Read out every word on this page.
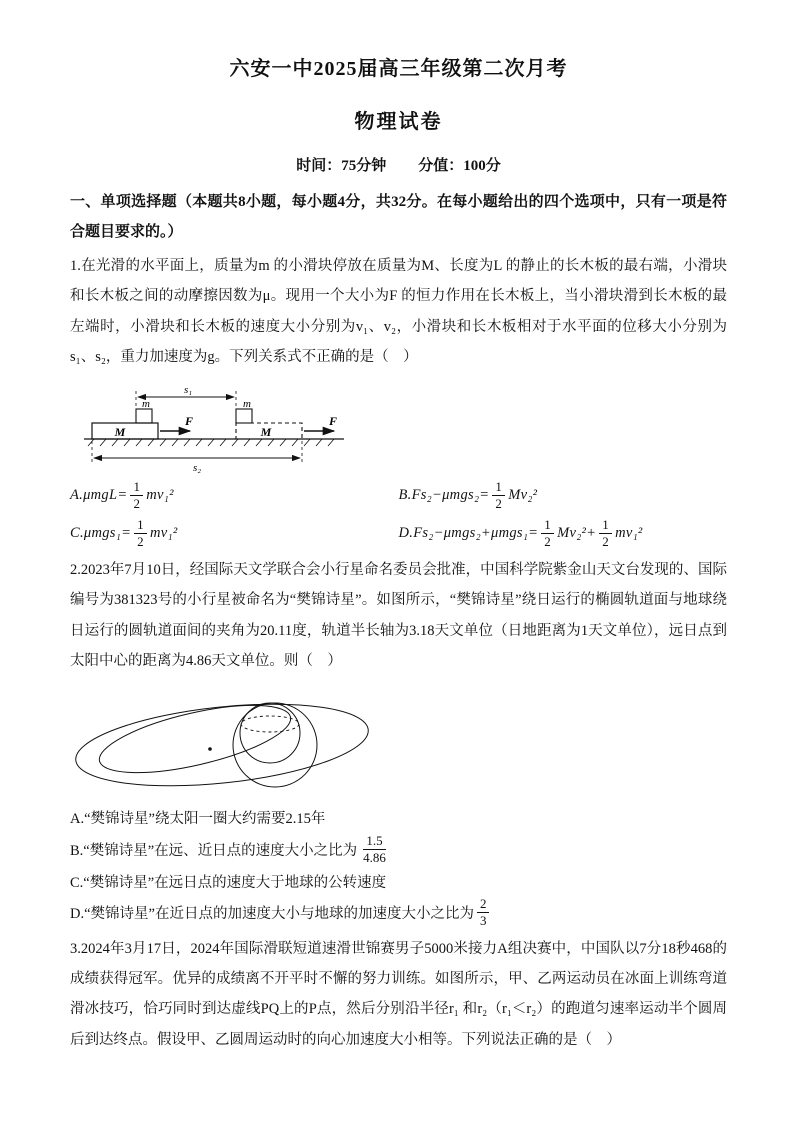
六安一中2025届高三年级第二次月考
物理试卷
时间：75分钟 分值：100分

一、单项选择题（本题共8小题，每小题4分，共32分。在每小题给出的四个选项中，只有一项是符合题目要求的。）

1.在光滑的水平面上，质量为m 的小滑块停放在质量为M、长度为L 的静止的长木板的最右端，小滑块和长木板之间的动摩擦因数为μ。现用一个大小为F 的恒力作用在长木板上，当小滑块滑到长木板的最左端时，小滑块和长木板的速度大小分别为v₁、v₂，小滑块和长木板相对于水平面的位移大小分别为s₁、s₂，重力加速度为g。下列关系式不正确的是（　）

s₁
m
M
F
m
M
F
s₂
$A.\mu mgL= \frac{1}{2} mv_1^2$	$B.Fs_2-\mu mgs_2= \frac{1}{2} Mv_2^2$
$C.\mu mgs_1= \frac{1}{2} mv_1^2$	$D.Fs_2-\mu mgs_2+\mu mgs_1= \frac{1}{2} Mv_2^2+ \frac{1}{2} mv_1^2$

2.2023年7月10日，经国际天文学联合会小行星命名委员会批准，中国科学院紫金山天文台发现的、国际编号为381323号的小行星被命名为“樊锦诗星”。如图所示，“樊锦诗星”绕日运行的椭圆轨道面与地球绕日运行的圆轨道面间的夹角为20.11度，轨道半长轴为3.18天文单位（日地距离为1天文单位），远日点到太阳中心的距离为4.86天文单位。则（　）

A.“樊锦诗星”绕太阳一圈大约需要2.15年
B.“樊锦诗星”在远、近日点的速度大小之比为 $\frac{1.5}{4.86}$
C.“樊锦诗星”在远日点的速度大于地球的公转速度
D.“樊锦诗星”在近日点的加速度大小与地球的加速度大小之比为 $\frac{2}{3}$

3.2024年3月17日，2024年国际滑联短道速滑世锦赛男子5000米接力A组决赛中，中国队以7分18秒468的成绩获得冠军。优异的成绩离不开平时不懈的努力训练。如图所示，甲、乙两运动员在冰面上训练弯道滑冰技巧，恰巧同时到达虚线PQ上的P点，然后分别沿半径r₁ 和r₂（r₁＜r₂）的跑道匀速率运动半个圆周后到达终点。假设甲、乙圆周运动时的向心加速度大小相等。下列说法正确的是（　）
